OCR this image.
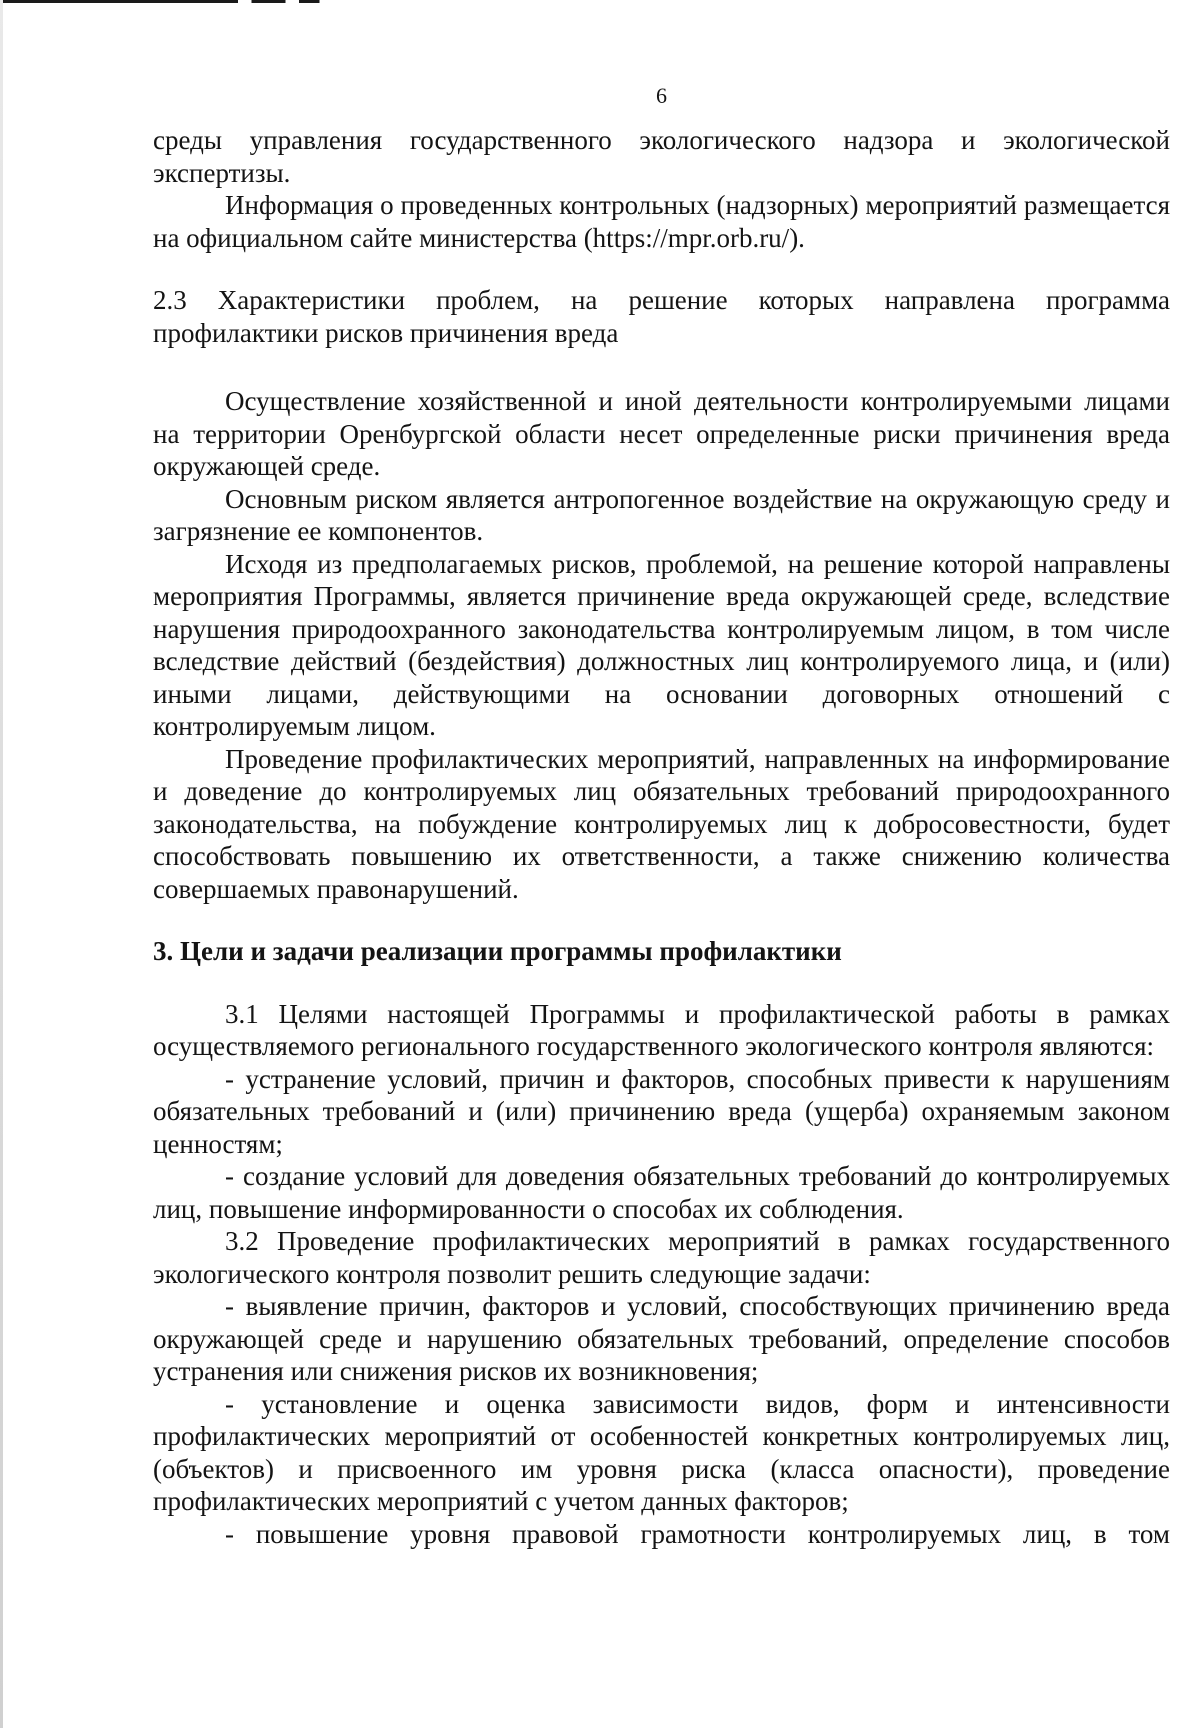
6

среды управления государственного экологического надзора и экологической экспертизы.

Информация о проведенных контрольных (надзорных) мероприятий размещается на официальном сайте министерства (https://mpr.orb.ru/).

2.3 Характеристики проблем, на решение которых направлена программа профилактики рисков причинения вреда

Осуществление хозяйственной и иной деятельности контролируемыми лицами на территории Оренбургской области несет определенные риски причинения вреда окружающей среде.

Основным риском является антропогенное воздействие на окружающую среду и загрязнение ее компонентов.

Исходя из предполагаемых рисков, проблемой, на решение которой направлены мероприятия Программы, является причинение вреда окружающей среде, вследствие нарушения природоохранного законодательства контролируемым лицом, в том числе вследствие действий (бездействия) должностных лиц контролируемого лица, и (или) иными лицами, действующими на основании договорных отношений с контролируемым лицом.

Проведение профилактических мероприятий, направленных на информирование и доведение до контролируемых лиц обязательных требований природоохранного законодательства, на побуждение контролируемых лиц к добросовестности, будет способствовать повышению их ответственности, а также снижению количества совершаемых правонарушений.

3. Цели и задачи реализации программы профилактики

3.1 Целями настоящей Программы и профилактической работы в рамках осуществляемого регионального государственного экологического контроля являются:

- устранение условий, причин и факторов, способных привести к нарушениям обязательных требований и (или) причинению вреда (ущерба) охраняемым законом ценностям;

- создание условий для доведения обязательных требований до контролируемых лиц, повышение информированности о способах их соблюдения.

3.2 Проведение профилактических мероприятий в рамках государственного экологического контроля позволит решить следующие задачи:

- выявление причин, факторов и условий, способствующих причинению вреда окружающей среде и нарушению обязательных требований, определение способов устранения или снижения рисков их возникновения;

- установление и оценка зависимости видов, форм и интенсивности профилактических мероприятий от особенностей конкретных контролируемых лиц, (объектов) и присвоенного им уровня риска (класса опасности), проведение профилактических мероприятий с учетом данных факторов;

- повышение уровня правовой грамотности контролируемых лиц, в том
